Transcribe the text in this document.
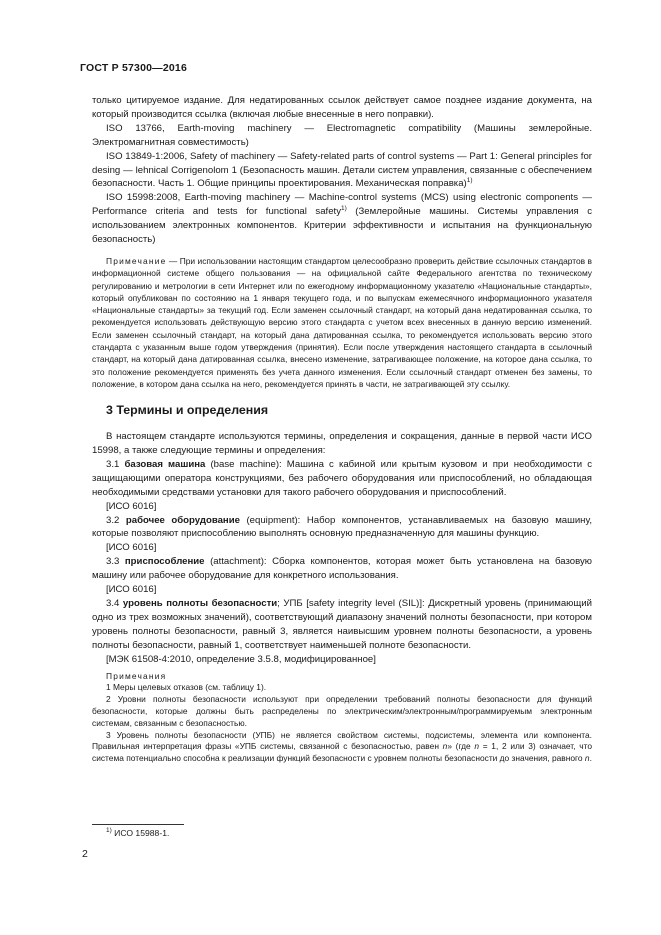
ГОСТ Р 57300—2016

только цитируемое издание. Для недатированных ссылок действует самое позднее издание документа, на который производится ссылка (включая любые внесенные в него поправки).

ISO 13766, Earth-moving machinery — Electromagnetic compatibility (Машины землеройные. Электромагнитная совместимость)

ISO 13849-1:2006, Safety of machinery — Safety-related parts of control systems — Part 1: General principles for desing — lehnical Corrigenolom 1 (Безопасность машин. Детали систем управления, связанные с обеспечением безопасности. Часть 1. Общие принципы проектирования. Механическая поправка)$^{1)}$

ISO 15998:2008, Earth-moving machinery — Machine-control systems (MCS) using electronic components — Performance criteria and tests for functional safety$^{1)}$ (Землеройные машины. Системы управления с использованием электронных компонентов. Критерии эффективности и испытания на функциональную безопасность)

Примечание — При использовании настоящим стандартом целесообразно проверить действие ссылочных стандартов в информационной системе общего пользования — на официальной сайте Федерального агентства по техническому регулированию и метрологии в сети Интернет или по ежегодному информационному указателю «Национальные стандарты», который опубликован по состоянию на 1 января текущего года, и по выпускам ежемесячного информационного указателя «Национальные стандарты» за текущий год. Если заменен ссылочный стандарт, на который дана недатированная ссылка, то рекомендуется использовать действующую версию этого стандарта с учетом всех внесенных в данную версию изменений. Если заменен ссылочный стандарт, на который дана датированная ссылка, то рекомендуется использовать версию этого стандарта с указанным выше годом утверждения (принятия). Если после утверждения настоящего стандарта в ссылочный стандарт, на который дана датированная ссылка, внесено изменение, затрагивающее положение, на которое дана ссылка, то это положение рекомендуется применять без учета данного изменения. Если ссылочный стандарт отменен без замены, то положение, в котором дана ссылка на него, рекомендуется принять в части, не затрагивающей эту ссылку.

3 Термины и определения

В настоящем стандарте используются термины, определения и сокращения, данные в первой части ИСО 15998, а также следующие термины и определения:

3.1 базовая машина (base machine): Машина с кабиной или крытым кузовом и при необходимости с защищающими оператора конструкциями, без рабочего оборудования или приспособлений, но обладающая необходимыми средствами установки для такого рабочего оборудования и приспособлений.

[ИСО 6016]

3.2 рабочее оборудование (equipment): Набор компонентов, устанавливаемых на базовую машину, которые позволяют приспособлению выполнять основную предназначенную для машины функцию.

[ИСО 6016]

3.3 приспособление (attachment): Сборка компонентов, которая может быть установлена на базовую машину или рабочее оборудование для конкретного использования.

[ИСО 6016]

3.4 уровень полноты безопасности; УПБ [safety integrity level (SIL)]: Дискретный уровень (принимающий одно из трех возможных значений), соответствующий диапазону значений полноты безопасности, при котором уровень полноты безопасности, равный 3, является наивысшим уровнем полноты безопасности, а уровень полноты безопасности, равный 1, соответствует наименьшей полноте безопасности.

[МЭК 61508-4:2010, определение 3.5.8, модифицированное]

Примечания

1 Меры целевых отказов (см. таблицу 1).

2 Уровни полноты безопасности используют при определении требований полноты безопасности для функций безопасности, которые должны быть распределены по электрическим/электронным/программируемым электронным системам, связанным с безопасностью.

3 Уровень полноты безопасности (УПБ) не является свойством системы, подсистемы, элемента или компонента. Правильная интерпретация фразы «УПБ системы, связанной с безопасностью, равен n» (где n = 1, 2 или 3) означает, что система потенциально способна к реализации функций безопасности с уровнем полноты безопасности до значения, равного n.

$^{1)}$ ИСО 15988-1.
2
